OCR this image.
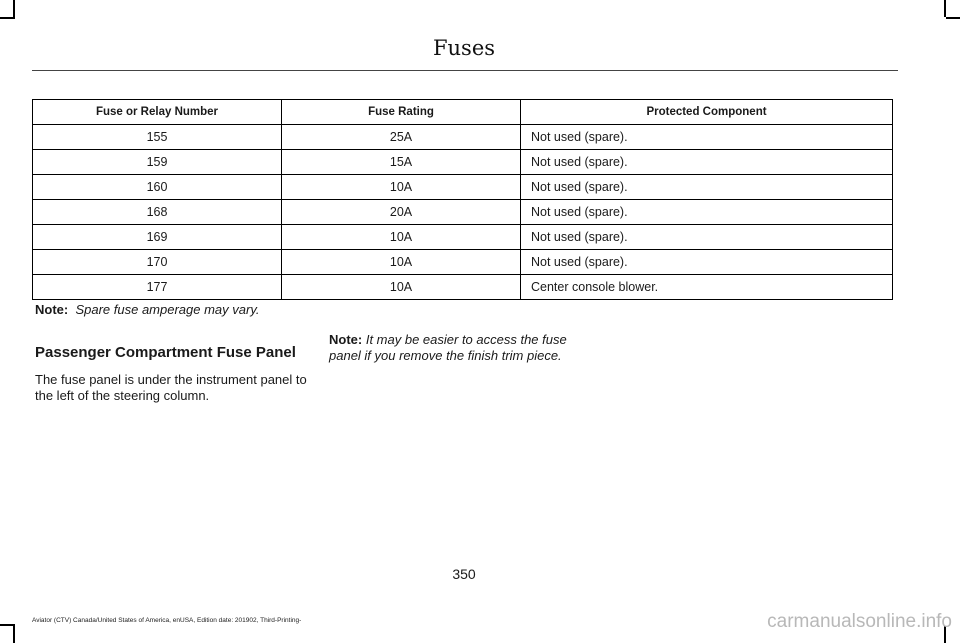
Fuses
Fuse or Relay Number	Fuse Rating	Protected Component
155	25A	Not used (spare).
159	15A	Not used (spare).
160	10A	Not used (spare).
168	20A	Not used (spare).
169	10A	Not used (spare).
170	10A	Not used (spare).
177	10A	Center console blower.
Note: Spare fuse amperage may vary.
Passenger Compartment Fuse Panel
The fuse panel is under the instrument panel to the left of the steering column.
Note: It may be easier to access the fuse panel if you remove the finish trim piece.
350
Aviator (CTV) Canada/United States of America, enUSA, Edition date: 201902, Third-Printing-	carmanualsonline.info
